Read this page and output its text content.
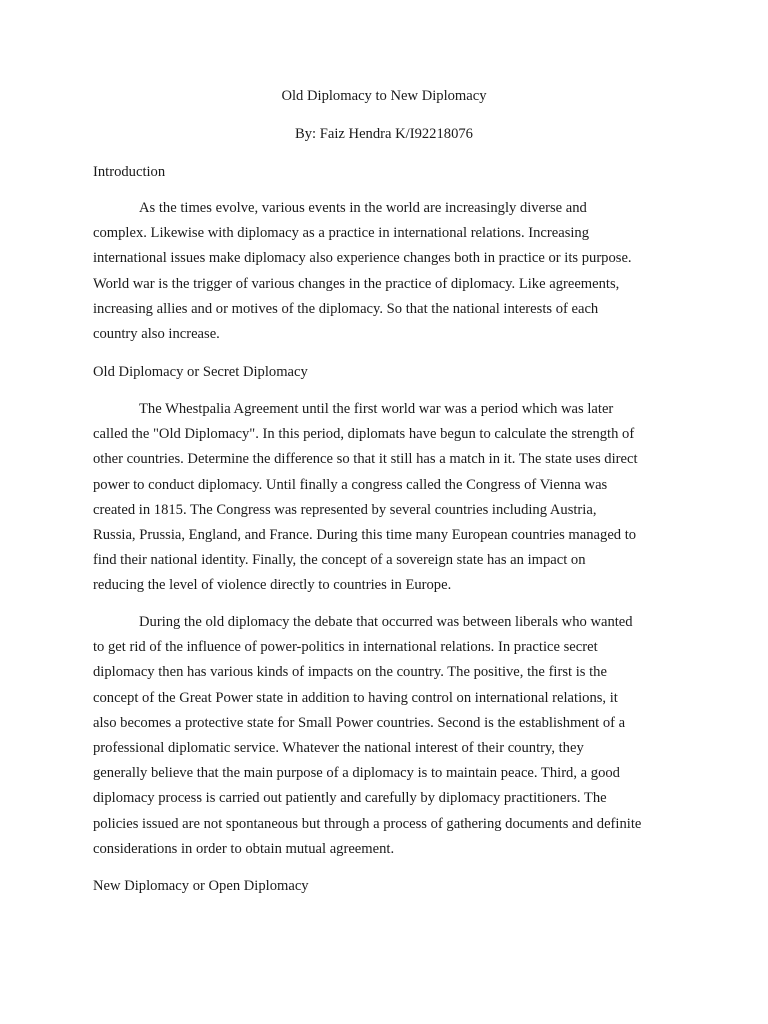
Old Diplomacy to New Diplomacy

By: Faiz Hendra K/I92218076

Introduction

As the times evolve, various events in the world are increasingly diverse and
complex. Likewise with diplomacy as a practice in international relations. Increasing
international issues make diplomacy also experience changes both in practice or its purpose.
World war is the trigger of various changes in the practice of diplomacy. Like agreements,
increasing allies and or motives of the diplomacy. So that the national interests of each
country also increase.

Old Diplomacy or Secret Diplomacy

The Whestpalia Agreement until the first world war was a period which was later
called the "Old Diplomacy". In this period, diplomats have begun to calculate the strength of
other countries. Determine the difference so that it still has a match in it. The state uses direct
power to conduct diplomacy. Until finally a congress called the Congress of Vienna was
created in 1815. The Congress was represented by several countries including Austria,
Russia, Prussia, England, and France. During this time many European countries managed to
find their national identity. Finally, the concept of a sovereign state has an impact on
reducing the level of violence directly to countries in Europe.

During the old diplomacy the debate that occurred was between liberals who wanted
to get rid of the influence of power-politics in international relations. In practice secret
diplomacy then has various kinds of impacts on the country. The positive, the first is the
concept of the Great Power state in addition to having control on international relations, it
also becomes a protective state for Small Power countries. Second is the establishment of a
professional diplomatic service. Whatever the national interest of their country, they
generally believe that the main purpose of a diplomacy is to maintain peace. Third, a good
diplomacy process is carried out patiently and carefully by diplomacy practitioners. The
policies issued are not spontaneous but through a process of gathering documents and definite
considerations in order to obtain mutual agreement.

New Diplomacy or Open Diplomacy
